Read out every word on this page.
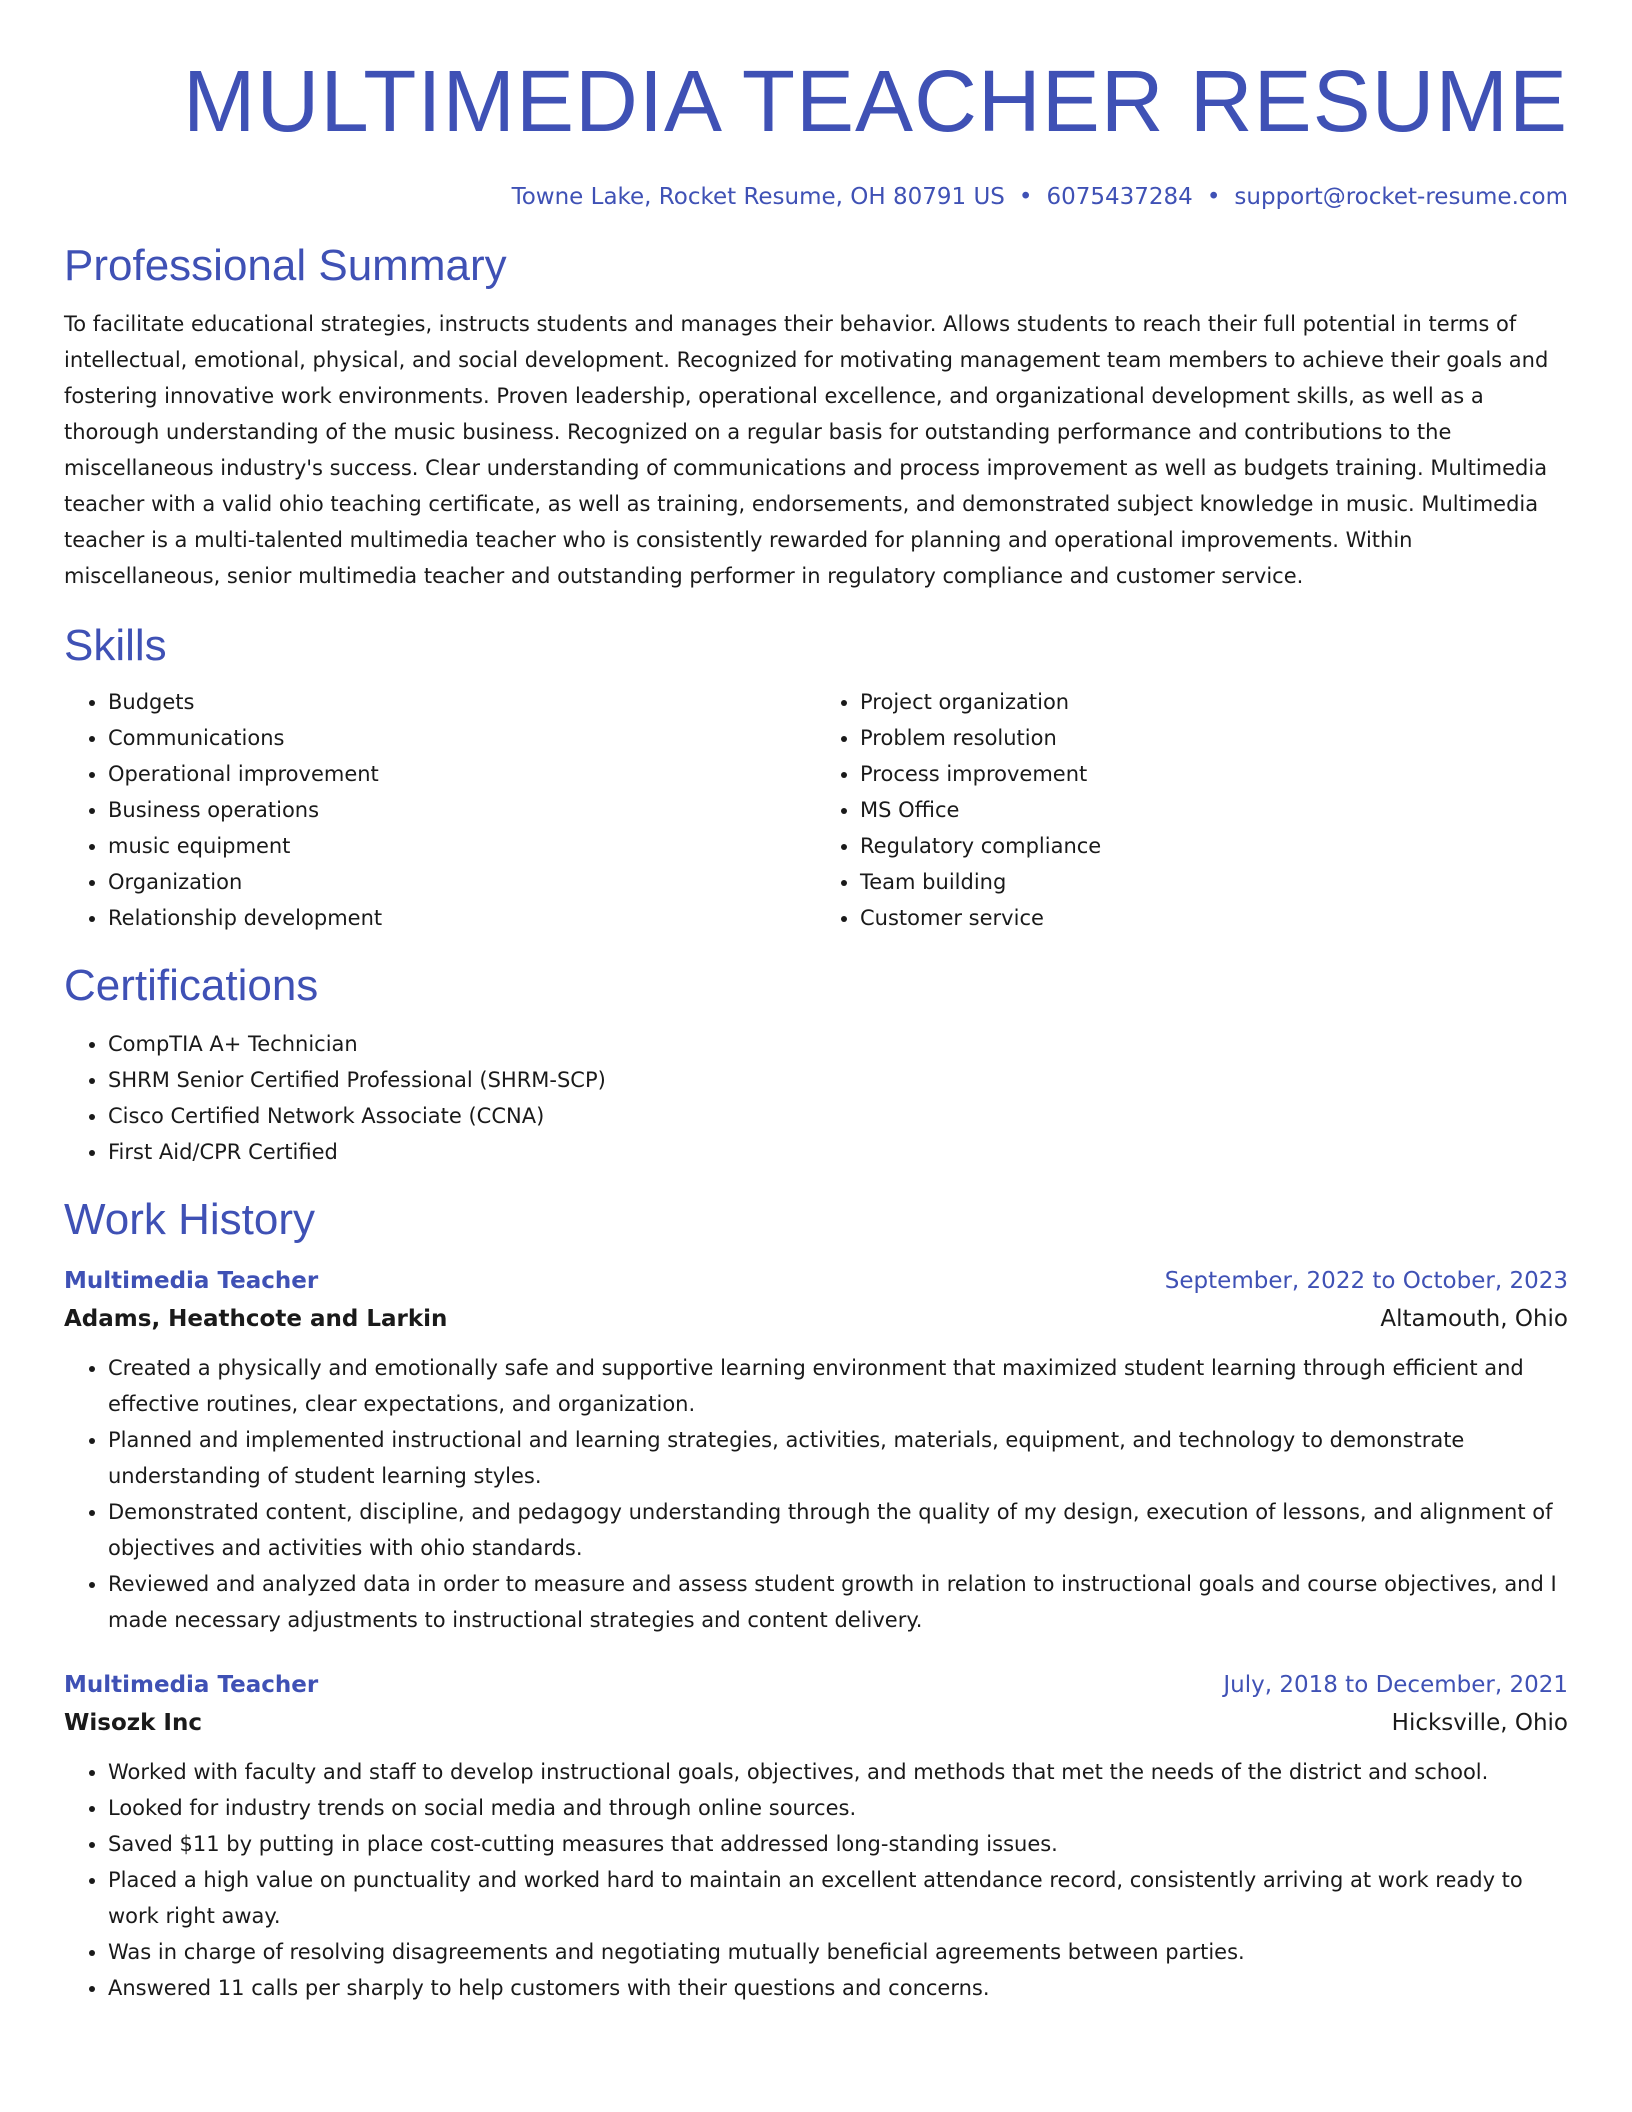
MULTIMEDIA TEACHER RESUME
Towne Lake, Rocket Resume, OH 80791 US • 6075437284 • support@rocket-resume.com
Professional Summary

To facilitate educational strategies, instructs students and manages their behavior. Allows students to reach their full potential in terms of intellectual, emotional, physical, and social development. Recognized for motivating management team members to achieve their goals and fostering innovative work environments. Proven leadership, operational excellence, and organizational development skills, as well as a thorough understanding of the music business. Recognized on a regular basis for outstanding performance and contributions to the miscellaneous industry's success. Clear understanding of communications and process improvement as well as budgets training. Multimedia teacher with a valid ohio teaching certificate, as well as training, endorsements, and demonstrated subject knowledge in music. Multimedia teacher is a multi-talented multimedia teacher who is consistently rewarded for planning and operational improvements. Within miscellaneous, senior multimedia teacher and outstanding performer in regulatory compliance and customer service.

Skills
• Budgets
• Communications
• Operational improvement
• Business operations
• music equipment
• Organization
• Relationship development
• Project organization
• Problem resolution
• Process improvement
• MS Office
• Regulatory compliance
• Team building
• Customer service
Certifications
• CompTIA A+ Technician
• SHRM Senior Certified Professional (SHRM-SCP)
• Cisco Certified Network Associate (CCNA)
• First Aid/CPR Certified
Work History
Multimedia Teacher	September, 2022 to October, 2023
Adams, Heathcote and Larkin	Altamouth, Ohio
• Created a physically and emotionally safe and supportive learning environment that maximized student learning through efficient and effective routines, clear expectations, and organization.
• Planned and implemented instructional and learning strategies, activities, materials, equipment, and technology to demonstrate understanding of student learning styles.
• Demonstrated content, discipline, and pedagogy understanding through the quality of my design, execution of lessons, and alignment of objectives and activities with ohio standards.
• Reviewed and analyzed data in order to measure and assess student growth in relation to instructional goals and course objectives, and I made necessary adjustments to instructional strategies and content delivery.
Multimedia Teacher	July, 2018 to December, 2021
Wisozk Inc	Hicksville, Ohio
• Worked with faculty and staff to develop instructional goals, objectives, and methods that met the needs of the district and school.
• Looked for industry trends on social media and through online sources.
• Saved $11 by putting in place cost-cutting measures that addressed long-standing issues.
• Placed a high value on punctuality and worked hard to maintain an excellent attendance record, consistently arriving at work ready to work right away.
• Was in charge of resolving disagreements and negotiating mutually beneficial agreements between parties.
• Answered 11 calls per sharply to help customers with their questions and concerns.
